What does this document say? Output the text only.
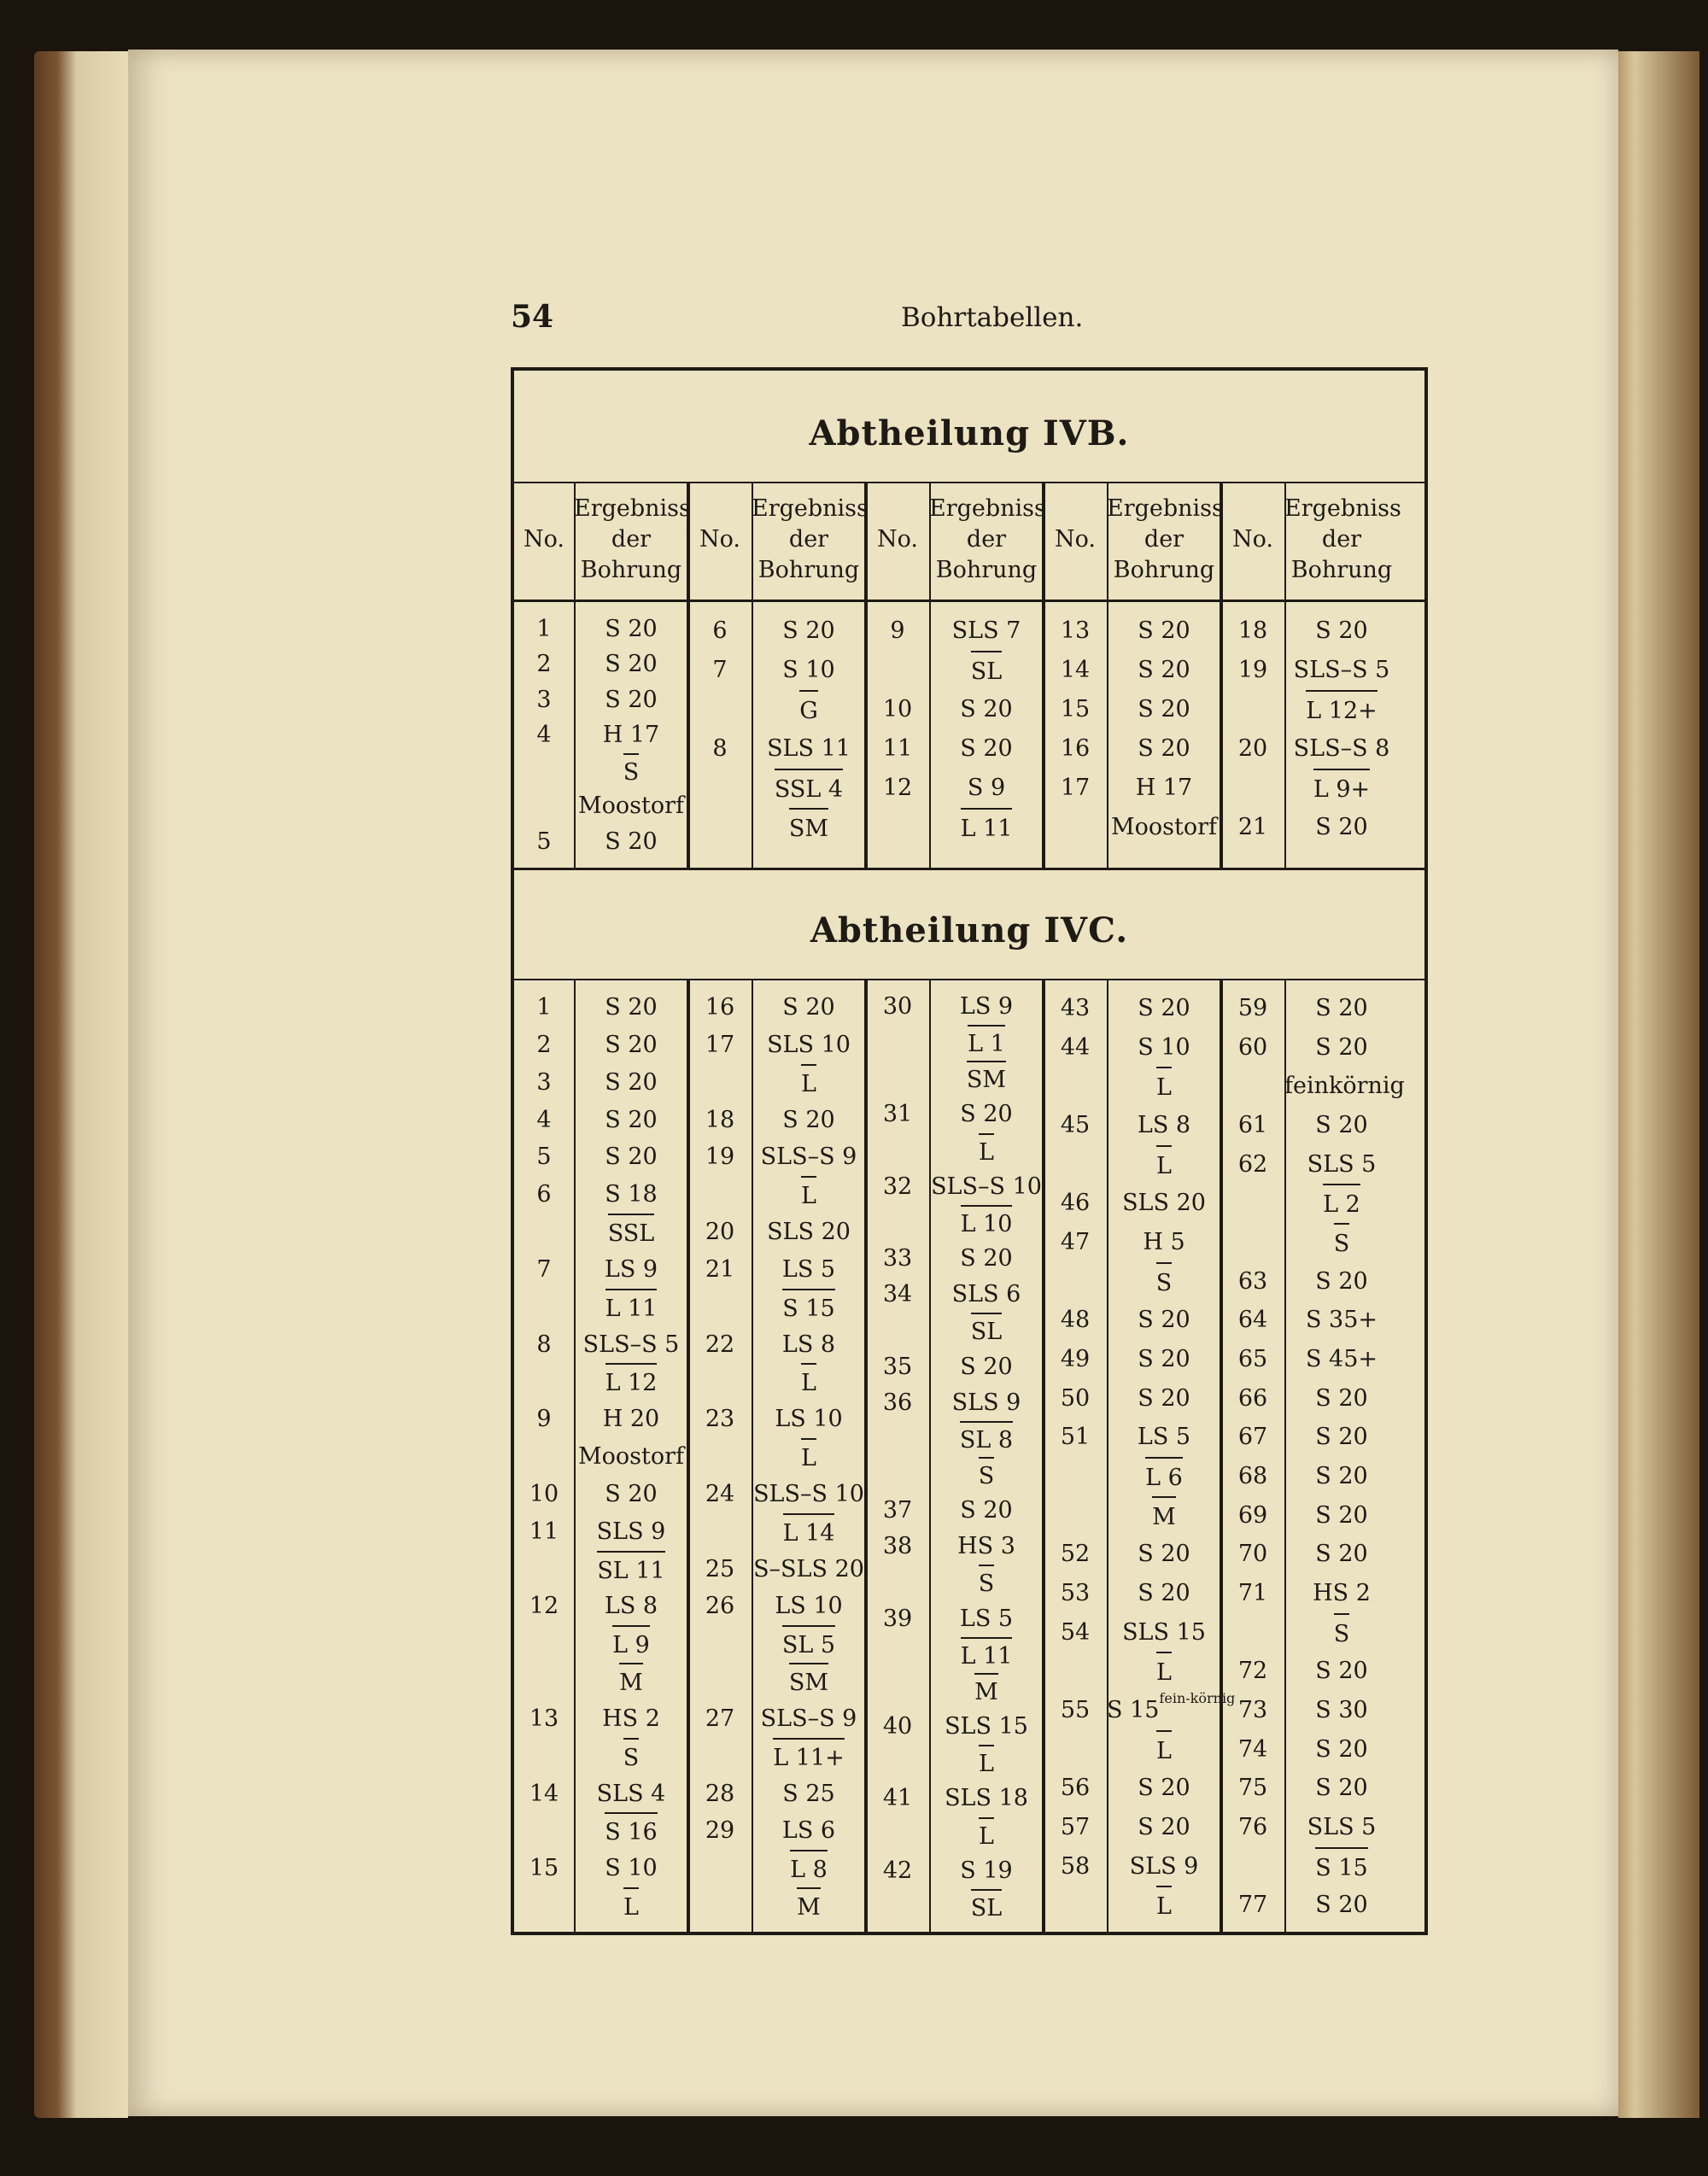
54	Bohrtabellen.
Abtheilung IVB.
No.
Ergebniss
der
Bohrung
No.
Ergebniss
der
Bohrung
No.
Ergebniss
der
Bohrung
No.
Ergebniss
der
Bohrung
No.
Ergebniss
der
Bohrung
1	S 20
2	S 20
3	S 20
4	H 17
S
Moostorf
5	S 20
6	S 20
7	S 10
G
8	SLS 11
SSL 4
SM
9	SLS 7
SL
10	S 20
11	S 20
12	S 9
L 11
13	S 20
14	S 20
15	S 20
16	S 20
17	H 17
Moostorf
18	S 20
19	SLS–S 5
L 12+
20	SLS–S 8
L 9+
21	S 20
Abtheilung IVC.
1	S 20
2	S 20
3	S 20
4	S 20
5	S 20
6	S 18
SSL
7	LS 9
L 11
8	SLS–S 5
L 12
9	H 20
Moostorf
10	S 20
11	SLS 9
SL 11
12	LS 8
L 9
M
13	HS 2
S
14	SLS 4
S 16
15	S 10
L
16	S 20
17	SLS 10
L
18	S 20
19	SLS–S 9
L
20	SLS 20
21	LS 5
S 15
22	LS 8
L
23	LS 10
L
24 SLS–S 10
L 14
25 S–SLS 20
26	LS 10
SL 5
SM
27	SLS–S 9
L 11+
28	S 25
29	LS 6
L 8
M
30	LS 9
L 1
SM
31	S 20
L
32 SLS–S 10
L 10
33	S 20
34	SLS 6
SL
35	S 20
36	SLS 9
SL 8
S
37	S 20
38	HS 3
S
39	LS 5
L 11
M
40	SLS 15
L
41	SLS 18
L
42	S 19
SL
43	S 20
44	S 10
L
45	LS 8
L
46	SLS 20
47	H 5
S
48	S 20
49	S 20
50	S 20
51	LS 5
L 6
M
52	S 20
53	S 20
54	SLS 15
L
55 S 15fein-körnig
L
56	S 20
57	S 20
58	SLS 9
L
59	S 20
60	S 20
feinkörnig
61	S 20
62	SLS 5
L 2
S
63	S 20
64	S 35+
65	S 45+
66	S 20
67	S 20
68	S 20
69	S 20
70	S 20
71	HS 2
S
72	S 20
73	S 30
74	S 20
75	S 20
76	SLS 5
S 15
77	S 20
